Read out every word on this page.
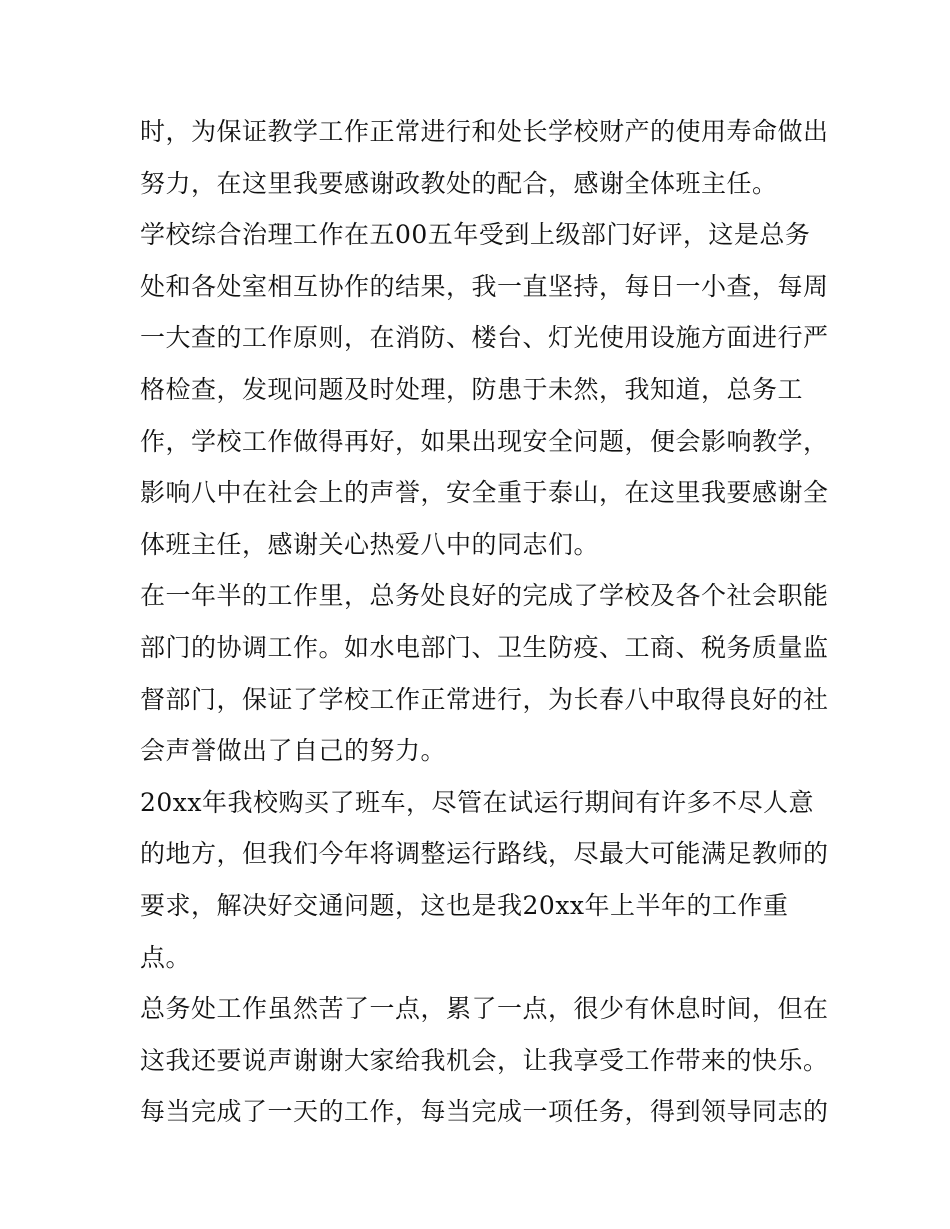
时，为保证教学工作正常进行和处长学校财产的使用寿命做出
努力，在这里我要感谢政教处的配合，感谢全体班主任。
学校综合治理工作在五00五年受到上级部门好评，这是总务
处和各处室相互协作的结果，我一直坚持，每日一小查，每周
一大查的工作原则，在消防、楼台、灯光使用设施方面进行严
格检查，发现问题及时处理，防患于未然，我知道，总务工
作，学校工作做得再好，如果出现安全问题，便会影响教学，
影响八中在社会上的声誉，安全重于泰山，在这里我要感谢全
体班主任，感谢关心热爱八中的同志们。
在一年半的工作里，总务处良好的完成了学校及各个社会职能
部门的协调工作。如水电部门、卫生防疫、工商、税务质量监
督部门，保证了学校工作正常进行，为长春八中取得良好的社
会声誉做出了自己的努力。
20xx年我校购买了班车，尽管在试运行期间有许多不尽人意
的地方，但我们今年将调整运行路线，尽最大可能满足教师的
要求，解决好交通问题，这也是我20xx年上半年的工作重
点。
总务处工作虽然苦了一点，累了一点，很少有休息时间，但在
这我还要说声谢谢大家给我机会，让我享受工作带来的快乐。
每当完成了一天的工作，每当完成一项任务，得到领导同志的
